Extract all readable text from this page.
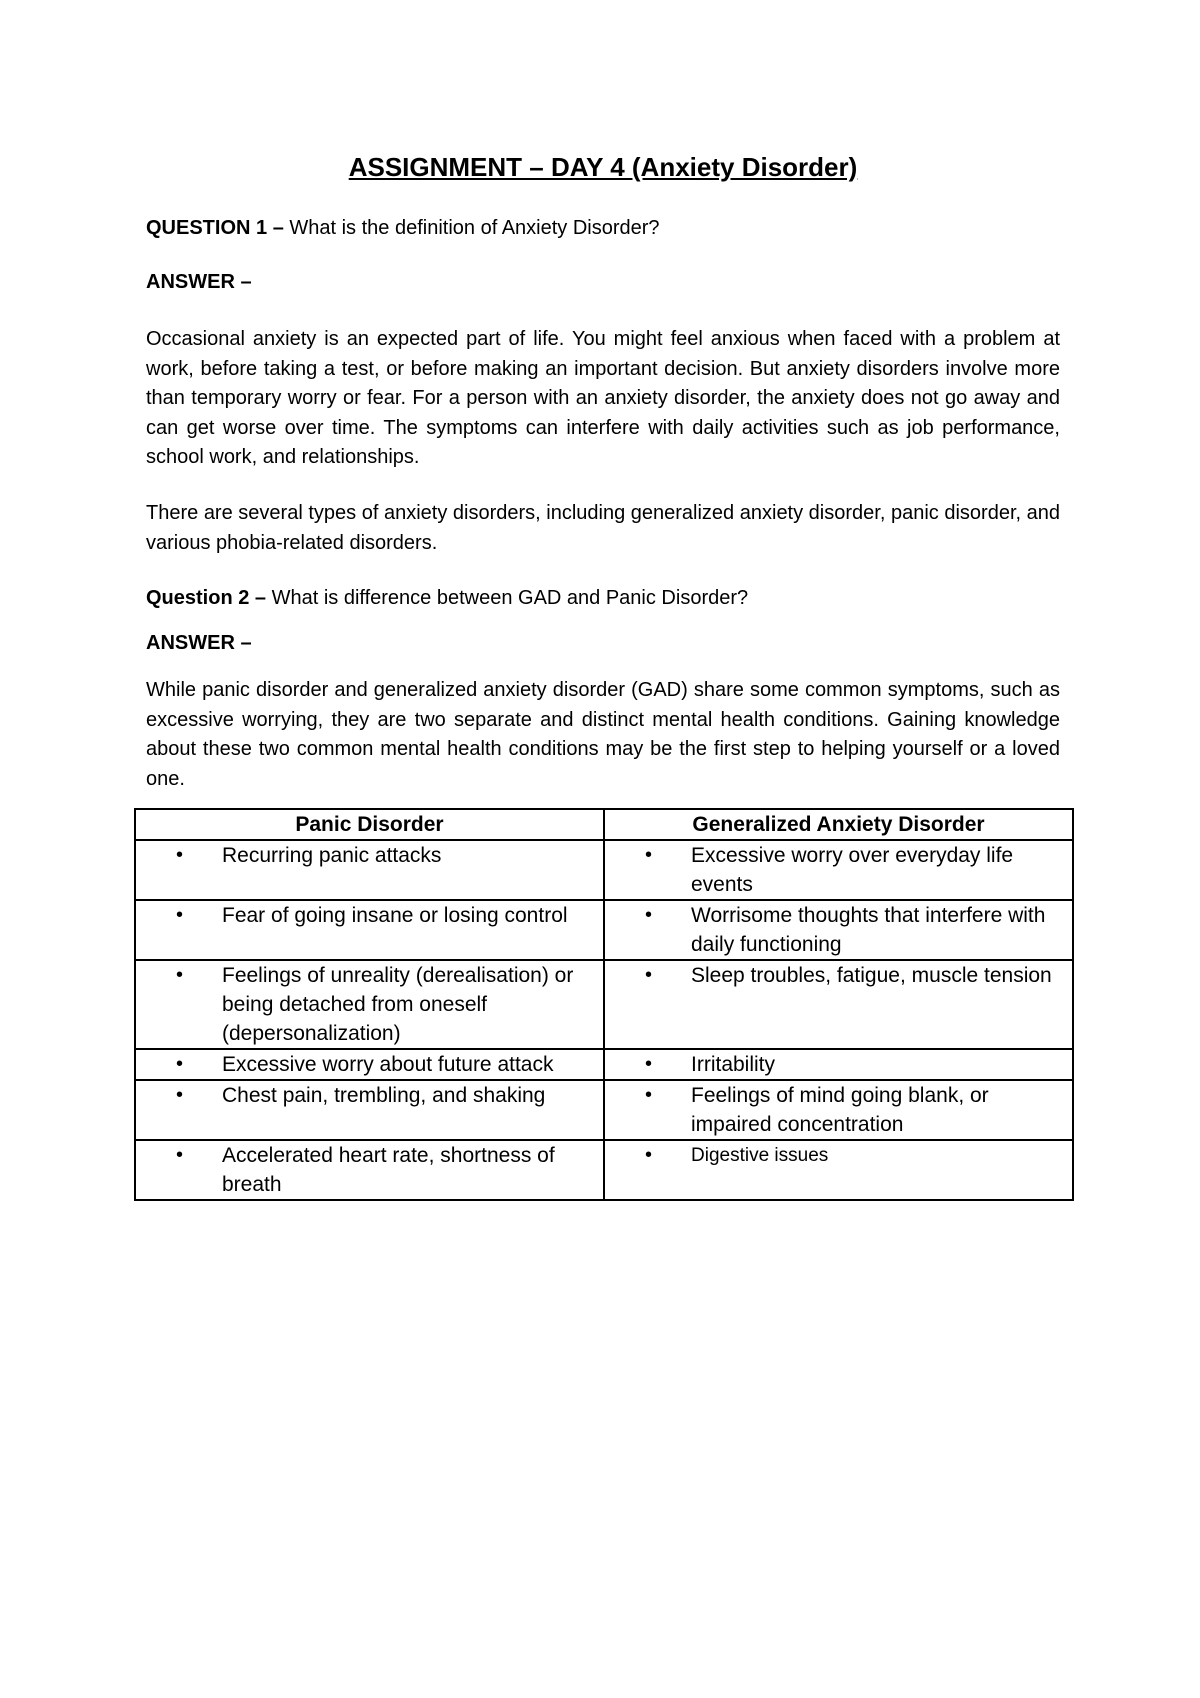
ASSIGNMENT – DAY 4 (Anxiety Disorder)

QUESTION 1 – What is the definition of Anxiety Disorder?

ANSWER –

Occasional anxiety is an expected part of life. You might feel anxious when faced with a problem at work, before taking a test, or before making an important decision. But anxiety disorders involve more than temporary worry or fear. For a person with an anxiety disorder, the anxiety does not go away and can get worse over time. The symptoms can interfere with daily activities such as job performance, school work, and relationships.

There are several types of anxiety disorders, including generalized anxiety disorder, panic disorder, and various phobia-related disorders.

Question 2 – What is difference between GAD and Panic Disorder?

ANSWER –

While panic disorder and generalized anxiety disorder (GAD) share some common symptoms, such as excessive worrying, they are two separate and distinct mental health conditions. Gaining knowledge about these two common mental health conditions may be the first step to helping yourself or a loved one.

Panic Disorder	Generalized Anxiety Disorder

• Recurring panic attacks	• Excessive worry over everyday life events

• Fear of going insane or losing control	• Worrisome thoughts that interfere with daily functioning

• Feelings of unreality (derealisation) or being detached from oneself (depersonalization)	• Sleep troubles, fatigue, muscle tension

• Excessive worry about future attack	• Irritability

• Chest pain, trembling, and shaking	• Feelings of mind going blank, or impaired concentration

• Accelerated heart rate, shortness of breath	• Digestive issues
